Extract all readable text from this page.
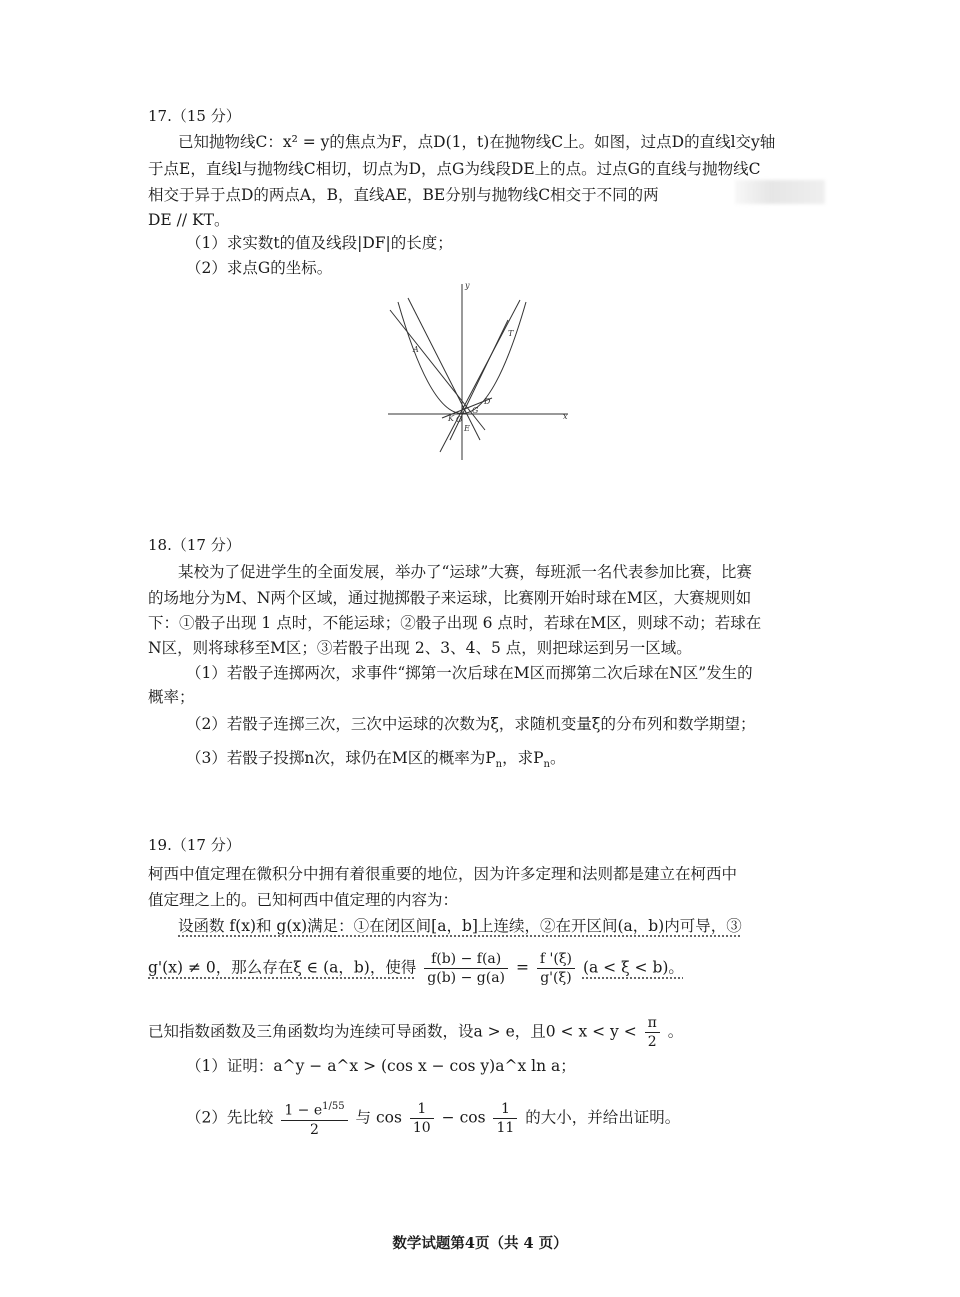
17.（15 分）
已知抛物线C：x² = y的焦点为F，点D(1，t)在抛物线C上。如图，过点D的直线l交y轴
于点E，直线l与抛物线C相切，切点为D，点G为线段DE上的点。过点G的直线与抛物线C
相交于异于点D的两点A，B，直线AE，BE分别与抛物线C相交于不同的两
DE // KT。
（1）求实数t的值及线段|DF|的长度；
（2）求点G的坐标。
y
x
A
T
D
G
K O
E
18.（17 分）
某校为了促进学生的全面发展，举办了“运球”大赛，每班派一名代表参加比赛，比赛
的场地分为M、N两个区域，通过抛掷骰子来运球，比赛刚开始时球在M区，大赛规则如
下：①骰子出现 1 点时，不能运球；②骰子出现 6 点时，若球在M区，则球不动；若球在
N区，则将球移至M区；③若骰子出现 2、3、4、5 点，则把球运到另一区域。
（1）若骰子连掷两次，求事件“掷第一次后球在M区而掷第二次后球在N区”发生的
概率；
（2）若骰子连掷三次，三次中运球的次数为ξ，求随机变量ξ的分布列和数学期望；
（3）若骰子投掷n次，球仍在M区的概率为$P_n$，求$P_n$。
19.（17 分）
柯西中值定理在微积分中拥有着很重要的地位，因为许多定理和法则都是建立在柯西中
值定理之上的。已知柯西中值定理的内容为：
设函数 f(x)和 g(x)满足：①在闭区间[a，b]上连续，②在开区间(a，b)内可导，③
g'(x) ≠ 0，那么存在ξ ∈ (a，b)，使得 $\frac{f(b) - f(a)}{g(b) - g(a)} = \frac{f '(\xi)}{g'(\xi)} (a < \xi < b)$。
已知指数函数及三角函数均为连续可导函数，设a > e，且$0 < x < y < \frac{\pi}{2}$ 。
（1）证明：a^y − a^x > (cos x − cos y)a^x ln a；
（2）先比较 $\frac{1 - e^{1/55}}{2}$ 与 $\cos \frac{1}{10} - \cos \frac{1}{11}$ 的大小，并给出证明。
数学试题第4页（共 4 页）
